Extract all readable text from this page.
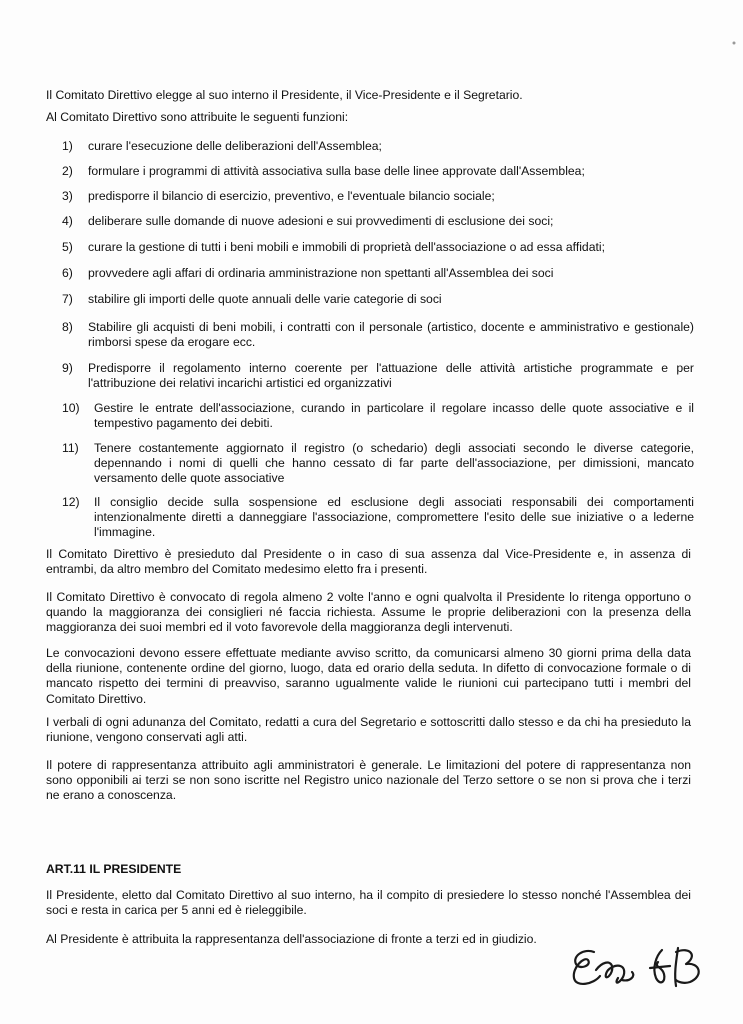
Il Comitato Direttivo elegge al suo interno il Presidente, il Vice-Presidente e il Segretario.

Al Comitato Direttivo sono attribuite le seguenti funzioni:

1)	curare l'esecuzione delle deliberazioni dell'Assemblea;
2)	formulare i programmi di attività associativa sulla base delle linee approvate dall'Assemblea;
3)	predisporre il bilancio di esercizio, preventivo, e l'eventuale bilancio sociale;
4)	deliberare sulle domande di nuove adesioni e sui provvedimenti di esclusione dei soci;
5)	curare la gestione di tutti i beni mobili e immobili di proprietà dell'associazione o ad essa affidati;
6)	provvedere agli affari di ordinaria amministrazione non spettanti all'Assemblea dei soci
7)	stabilire gli importi delle quote annuali delle varie categorie di soci
8)	Stabilire gli acquisti di beni mobili, i contratti con il personale (artistico, docente e amministrativo e gestionale) rimborsi spese da erogare ecc.
9)	Predisporre il regolamento interno coerente per l'attuazione delle attività artistiche programmate e per l'attribuzione dei relativi incarichi artistici ed organizzativi
10)	Gestire le entrate dell'associazione, curando in particolare il regolare incasso delle quote associative e il tempestivo pagamento dei debiti.
11)	Tenere costantemente aggiornato il registro (o schedario) degli associati secondo le diverse categorie, depennando i nomi di quelli che hanno cessato di far parte dell'associazione, per dimissioni, mancato versamento delle quote associative
12)	Il consiglio decide sulla sospensione ed esclusione degli associati responsabili dei comportamenti intenzionalmente diretti a danneggiare l'associazione, compromettere l'esito delle sue iniziative o a lederne l'immagine.

Il Comitato Direttivo è presieduto dal Presidente o in caso di sua assenza dal Vice-Presidente e, in assenza di entrambi, da altro membro del Comitato medesimo eletto fra i presenti.

Il Comitato Direttivo è convocato di regola almeno 2 volte l'anno e ogni qualvolta il Presidente lo ritenga opportuno o quando la maggioranza dei consiglieri né faccia richiesta. Assume le proprie deliberazioni con la presenza della maggioranza dei suoi membri ed il voto favorevole della maggioranza degli intervenuti.

Le convocazioni devono essere effettuate mediante avviso scritto, da comunicarsi almeno 30 giorni prima della data della riunione, contenente ordine del giorno, luogo, data ed orario della seduta. In difetto di convocazione formale o di mancato rispetto dei termini di preavviso, saranno ugualmente valide le riunioni cui partecipano tutti i membri del Comitato Direttivo.

I verbali di ogni adunanza del Comitato, redatti a cura del Segretario e sottoscritti dallo stesso e da chi ha presieduto la riunione, vengono conservati agli atti.

Il potere di rappresentanza attribuito agli amministratori è generale. Le limitazioni del potere di rappresentanza non sono opponibili ai terzi se non sono iscritte nel Registro unico nazionale del Terzo settore o se non si prova che i terzi ne erano a conoscenza.

ART.11 IL PRESIDENTE

Il Presidente, eletto dal Comitato Direttivo al suo interno, ha il compito di presiedere lo stesso nonché l'Assemblea dei soci e resta in carica per 5 anni ed è rieleggibile.

Al Presidente è attribuita la rappresentanza dell'associazione di fronte a terzi ed in giudizio.
